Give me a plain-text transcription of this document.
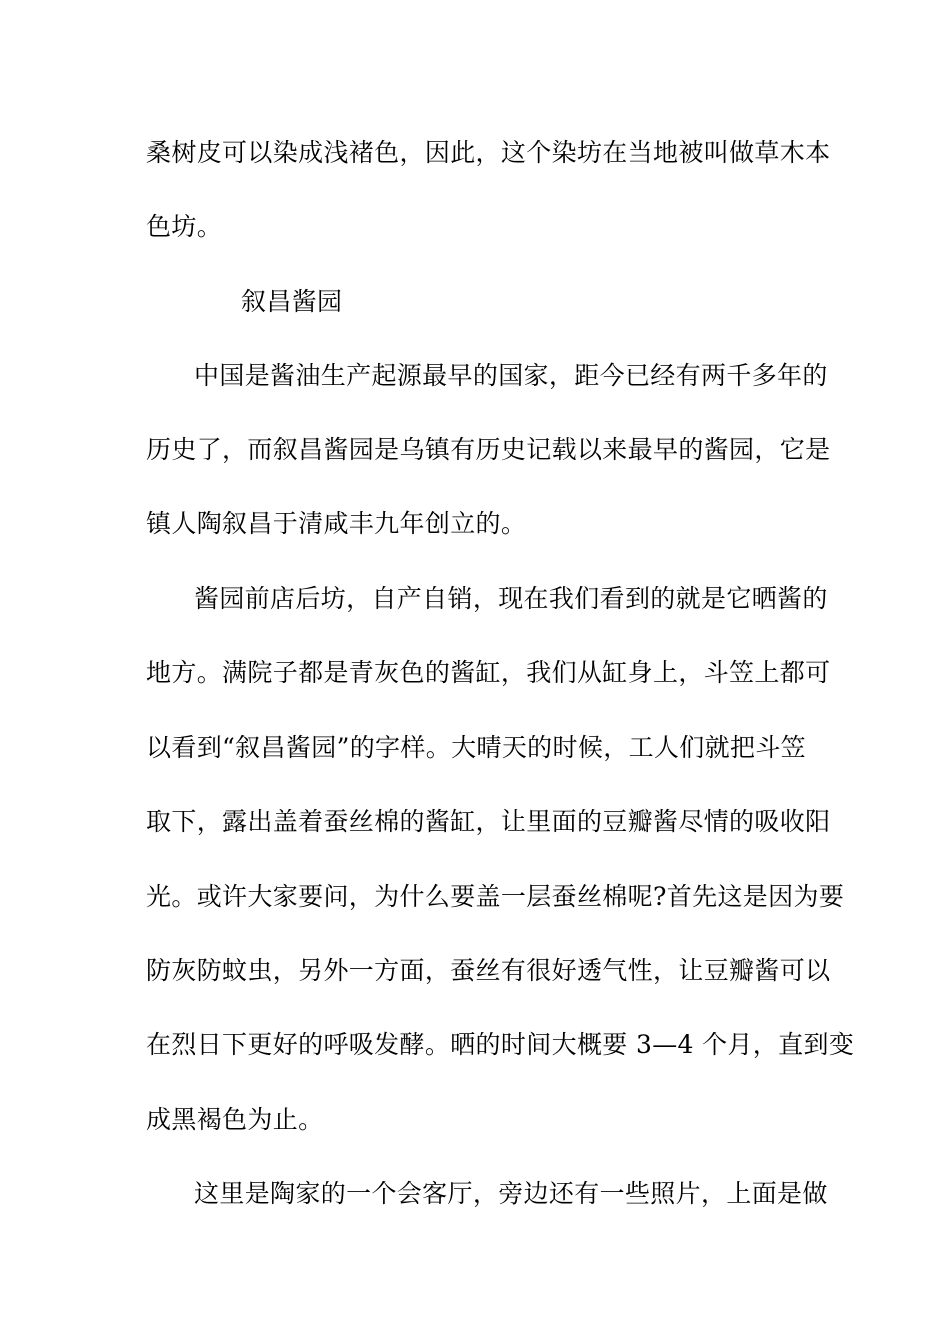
桑树皮可以染成浅褚色，因此，这个染坊在当地被叫做草木本
色坊。
叙昌酱园
中国是酱油生产起源最早的国家，距今已经有两千多年的
历史了，而叙昌酱园是乌镇有历史记载以来最早的酱园，它是
镇人陶叙昌于清咸丰九年创立的。
酱园前店后坊，自产自销，现在我们看到的就是它晒酱的
地方。满院子都是青灰色的酱缸，我们从缸身上，斗笠上都可
以看到“叙昌酱园”的字样。大晴天的时候，工人们就把斗笠
取下，露出盖着蚕丝棉的酱缸，让里面的豆瓣酱尽情的吸收阳
光。或许大家要问，为什么要盖一层蚕丝棉呢?首先这是因为要
防灰防蚊虫，另外一方面，蚕丝有很好透气性，让豆瓣酱可以
在烈日下更好的呼吸发酵。晒的时间大概要 3—4 个月，直到变
成黑褐色为止。
这里是陶家的一个会客厅，旁边还有一些照片，上面是做
